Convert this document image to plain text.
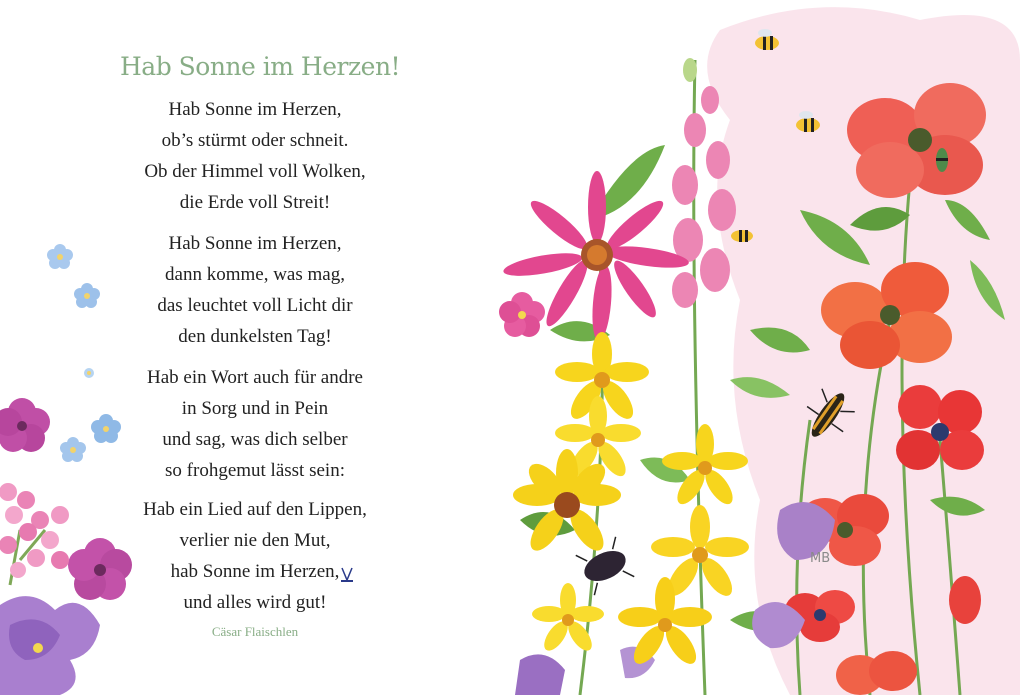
Hab Sonne im Herzen!
Hab Sonne im Herzen,
ob’s stürmt oder schneit.
Ob der Himmel voll Wolken,
die Erde voll Streit!
Hab Sonne im Herzen,
dann komme, was mag,
das leuchtet voll Licht dir
den dunkelsten Tag!
Hab ein Wort auch für andre
in Sorg und in Pein
und sag, was dich selber
so frohgemut lässt sein:
Hab ein Lied auf den Lippen,
verlier nie den Mut,
hab Sonne im Herzen,
und alles wird gut!
Cäsar Flaischlen
MB
